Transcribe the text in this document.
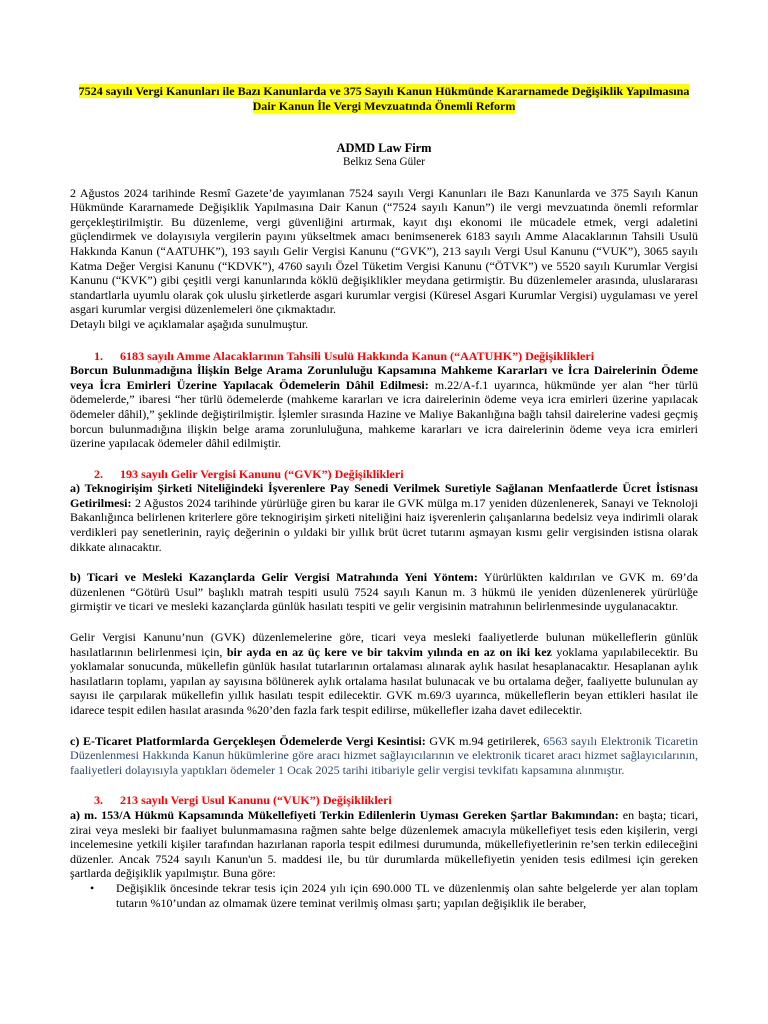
7524 sayılı Vergi Kanunları ile Bazı Kanunlarda ve 375 Sayılı Kanun Hükmünde Kararnamede Değişiklik Yapılmasına Dair Kanun İle Vergi Mevzuatında Önemli Reform

ADMD Law Firm

Belkız Sena Güler

2 Ağustos 2024 tarihinde Resmî Gazete’de yayımlanan 7524 sayılı Vergi Kanunları ile Bazı Kanunlarda ve 375 Sayılı Kanun Hükmünde Kararnamede Değişiklik Yapılmasına Dair Kanun (“7524 sayılı Kanun”) ile vergi mevzuatında önemli reformlar gerçekleştirilmiştir. Bu düzenleme, vergi güvenliğini artırmak, kayıt dışı ekonomi ile mücadele etmek, vergi adaletini güçlendirmek ve dolayısıyla vergilerin payını yükseltmek amacı benimsenerek 6183 sayılı Amme Alacaklarının Tahsili Usulü Hakkında Kanun (“AATUHK”), 193 sayılı Gelir Vergisi Kanunu (“GVK”), 213 sayılı Vergi Usul Kanunu (“VUK”), 3065 sayılı Katma Değer Vergisi Kanunu (“KDVK”), 4760 sayılı Özel Tüketim Vergisi Kanunu (“ÖTVK”) ve 5520 sayılı Kurumlar Vergisi Kanunu (“KVK”) gibi çeşitli vergi kanunlarında köklü değişiklikler meydana getirmiştir. Bu düzenlemeler arasında, uluslararası standartlarla uyumlu olarak çok uluslu şirketlerde asgari kurumlar vergisi (Küresel Asgari Kurumlar Vergisi) uygulaması ve yerel asgari kurumlar vergisi düzenlemeleri öne çıkmaktadır.

Detaylı bilgi ve açıklamalar aşağıda sunulmuştur.

1. 6183 sayılı Amme Alacaklarının Tahsili Usulü Hakkında Kanun (“AATUHK”) Değişiklikleri

Borcun Bulunmadığına İlişkin Belge Arama Zorunluluğu Kapsamına Mahkeme Kararları ve İcra Dairelerinin Ödeme veya İcra Emirleri Üzerine Yapılacak Ödemelerin Dâhil Edilmesi: m.22/A-f.1 uyarınca, hükmünde yer alan “her türlü ödemelerde,” ibaresi “her türlü ödemelerde (mahkeme kararları ve icra dairelerinin ödeme veya icra emirleri üzerine yapılacak ödemeler dâhil),” şeklinde değiştirilmiştir. İşlemler sırasında Hazine ve Maliye Bakanlığına bağlı tahsil dairelerine vadesi geçmiş borcun bulunmadığına ilişkin belge arama zorunluluğuna, mahkeme kararları ve icra dairelerinin ödeme veya icra emirleri üzerine yapılacak ödemeler dâhil edilmiştir.

2. 193 sayılı Gelir Vergisi Kanunu (“GVK”) Değişiklikleri

a) Teknogirişim Şirketi Niteliğindeki İşverenlere Pay Senedi Verilmek Suretiyle Sağlanan Menfaatlerde Ücret İstisnası Getirilmesi: 2 Ağustos 2024 tarihinde yürürlüğe giren bu karar ile GVK mülga m.17 yeniden düzenlenerek, Sanayi ve Teknoloji Bakanlığınca belirlenen kriterlere göre teknogirişim şirketi niteliğini haiz işverenlerin çalışanlarına bedelsiz veya indirimli olarak verdikleri pay senetlerinin, rayiç değerinin o yıldaki bir yıllık brüt ücret tutarını aşmayan kısmı gelir vergisinden istisna olarak dikkate alınacaktır.

b) Ticari ve Mesleki Kazançlarda Gelir Vergisi Matrahında Yeni Yöntem: Yürürlükten kaldırılan ve GVK m. 69’da düzenlenen “Götürü Usul” başlıklı matrah tespiti usulü 7524 sayılı Kanun m. 3 hükmü ile yeniden düzenlenerek yürürlüğe girmiştir ve ticari ve mesleki kazançlarda günlük hasılatı tespiti ve gelir vergisinin matrahının belirlenmesinde uygulanacaktır.

Gelir Vergisi Kanunu’nun (GVK) düzenlemelerine göre, ticari veya mesleki faaliyetlerde bulunan mükelleflerin günlük hasılatlarının belirlenmesi için, bir ayda en az üç kere ve bir takvim yılında en az on iki kez yoklama yapılabilecektir. Bu yoklamalar sonucunda, mükellefin günlük hasılat tutarlarının ortalaması alınarak aylık hasılat hesaplanacaktır. Hesaplanan aylık hasılatların toplamı, yapılan ay sayısına bölünerek aylık ortalama hasılat bulunacak ve bu ortalama değer, faaliyette bulunulan ay sayısı ile çarpılarak mükellefin yıllık hasılatı tespit edilecektir. GVK m.69/3 uyarınca, mükelleflerin beyan ettikleri hasılat ile idarece tespit edilen hasılat arasında %20’den fazla fark tespit edilirse, mükellefler izaha davet edilecektir.

c) E-Ticaret Platformlarda Gerçekleşen Ödemelerde Vergi Kesintisi: GVK m.94 getirilerek, 6563 sayılı Elektronik Ticaretin Düzenlenmesi Hakkında Kanun hükümlerine göre aracı hizmet sağlayıcılarının ve elektronik ticaret aracı hizmet sağlayıcılarının, faaliyetleri dolayısıyla yaptıkları ödemeler 1 Ocak 2025 tarihi itibariyle gelir vergisi tevkifatı kapsamına alınmıştır.

3. 213 sayılı Vergi Usul Kanunu (“VUK”) Değişiklikleri

a) m. 153/A Hükmü Kapsamında Mükellefiyeti Terkin Edilenlerin Uyması Gereken Şartlar Bakımından: en başta; ticari, zirai veya mesleki bir faaliyet bulunmamasına rağmen sahte belge düzenlemek amacıyla mükellefiyet tesis eden kişilerin, vergi incelemesine yetkili kişiler tarafından hazırlanan raporla tespit edilmesi durumunda, mükellefiyetlerinin re’sen terkin edileceğini düzenler. Ancak 7524 sayılı Kanun'un 5. maddesi ile, bu tür durumlarda mükellefiyetin yeniden tesis edilmesi için gereken şartlarda değişiklik yapılmıştır. Buna göre:

• Değişiklik öncesinde tekrar tesis için 2024 yılı için 690.000 TL ve düzenlenmiş olan sahte belgelerde yer alan toplam tutarın %10’undan az olmamak üzere teminat verilmiş olması şartı; yapılan değişiklik ile beraber,
